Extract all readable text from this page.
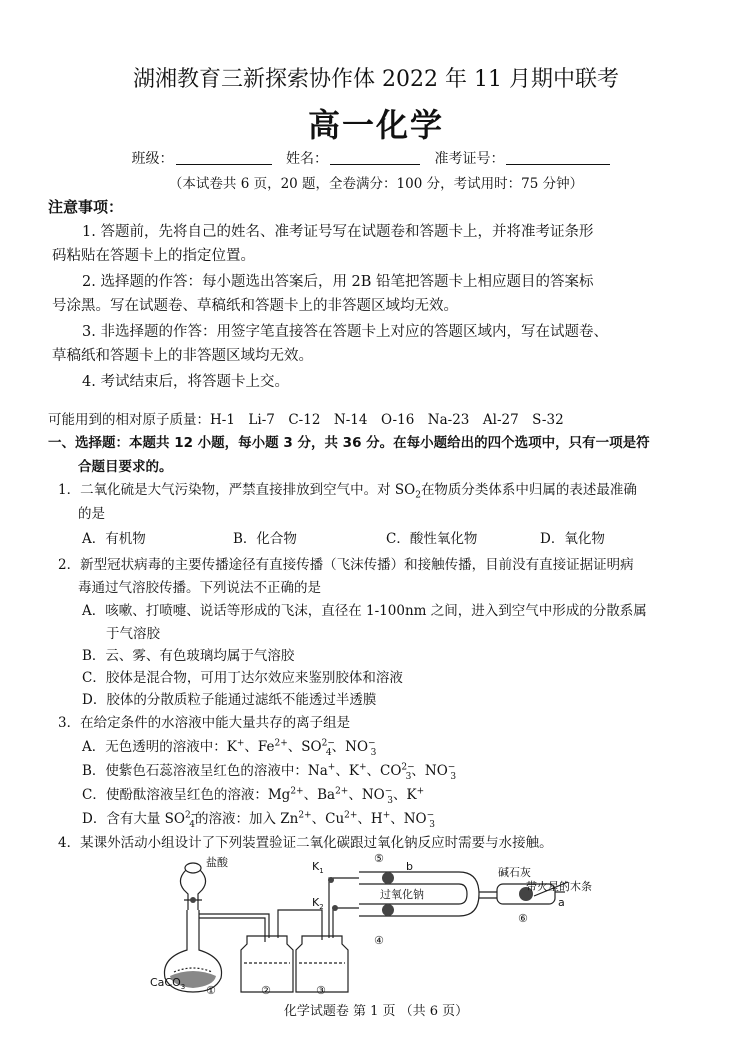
湖湘教育三新探索协作体 2022 年 11 月期中联考
高一化学
班级：	姓名：	准考证号：
（本试卷共 6 页，20 题，全卷满分：100 分，考试用时：75 分钟）
注意事项：
1. 答题前，先将自己的姓名、准考证号写在试题卷和答题卡上，并将准考证条形
码粘贴在答题卡上的指定位置。
2. 选择题的作答：每小题选出答案后，用 2B 铅笔把答题卡上相应题目的答案标
号涂黑。写在试题卷、草稿纸和答题卡上的非答题区域均无效。
3. 非选择题的作答：用签字笔直接答在答题卡上对应的答题区域内，写在试题卷、
草稿纸和答题卡上的非答题区域均无效。
4. 考试结束后，将答题卡上交。
可能用到的相对原子质量：H-1　Li-7　C-12　N-14　O-16　Na-23　Al-27　S-32
一、选择题：本题共 12 小题，每小题 3 分，共 36 分。在每小题给出的四个选项中，只有一项是符
合题目要求的。
1．二氧化硫是大气污染物，严禁直接排放到空气中。对 $SO_2$在物质分类体系中归属的表述最准确
的是
A．有机物	B．化合物	C．酸性氧化物	D．氧化物
2．新型冠状病毒的主要传播途径有直接传播（飞沫传播）和接触传播，目前没有直接证据证明病
毒通过气溶胶传播。下列说法不正确的是
A．咳嗽、打喷嚏、说话等形成的飞沫，直径在 1-100nm 之间，进入到空气中形成的分散系属
于气溶胶
B．云、雾、有色玻璃均属于气溶胶
C．胶体是混合物，可用丁达尔效应来鉴别胶体和溶液
D．胶体的分散质粒子能通过滤纸不能透过半透膜
3．在给定条件的水溶液中能大量共存的离子组是
A．无色透明的溶液中：K+、$Fe^{2+}$、$SO^{2-}_4$、$NO^-_3$
B．使紫色石蕊溶液呈红色的溶液中：Na+、K+、$CO^{2-}_3$、$NO^-_3$
C．使酚酞溶液呈红色的溶液：$Mg^{2+}$、$Ba^{2+}$、$NO^-_3$、K+
D．含有大量 $SO^{2-}_4$的溶液：加入 $Zn^{2+}$、$Cu^{2+}$、H+、$NO^-_3$
4．某课外活动小组设计了下列装置验证二氧化碳跟过氧化钠反应时需要与水接触。
盐酸
CaCO$_3$ ①	②	③
④
⑤
⑥
$K_1$
$K_2$
过氧化钠
碱石灰
带火星的木条
b
a
化学试题卷 第 1 页 （共 6 页）
